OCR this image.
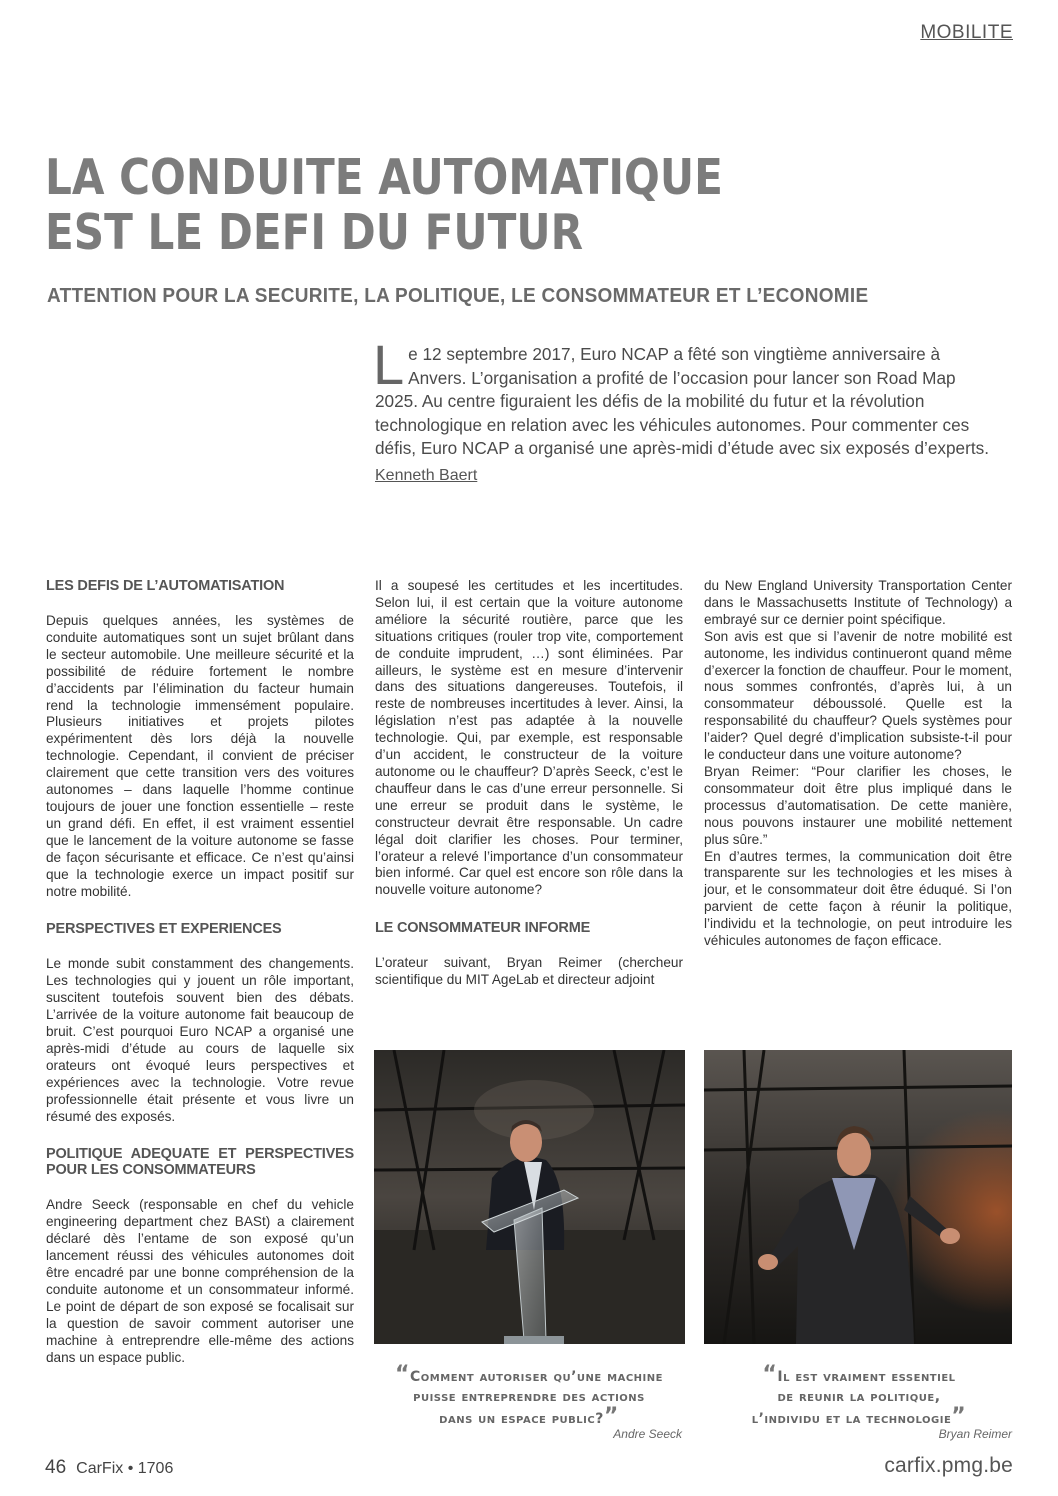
MOBILITE
LA CONDUITE AUTOMATIQUE
EST LE DEFI DU FUTUR
ATTENTION POUR LA SECURITE, LA POLITIQUE, LE CONSOMMATEUR ET L’ECONOMIE
Le 12 septembre 2017, Euro NCAP a fêté son vingtième anniversaire à Anvers. L’organisation a profité de l’occasion pour lancer son Road Map 2025. Au centre figuraient les défis de la mobilité du futur et la révolution technologique en relation avec les véhicules autonomes. Pour commenter ces défis, Euro NCAP a organisé une après-midi d’étude avec six exposés d’experts.
Kenneth Baert
LES DEFIS DE L’AUTOMATISATION

Depuis quelques années, les systèmes de conduite automatiques sont un sujet brûlant dans le secteur automobile. Une meilleure sécurité et la possibilité de réduire fortement le nombre d’accidents par l’élimination du facteur humain rend la technologie immensément populaire. Plusieurs initiatives et projets pilotes expérimentent dès lors déjà la nouvelle technologie. Cependant, il convient de préciser clairement que cette transition vers des voitures autonomes – dans laquelle l’homme continue toujours de jouer une fonction essentielle – reste un grand défi. En effet, il est vraiment essentiel que le lancement de la voiture autonome se fasse de façon sécurisante et efficace. Ce n’est qu’ainsi que la technologie exerce un impact positif sur notre mobilité.

PERSPECTIVES ET EXPERIENCES

Le monde subit constamment des changements. Les technologies qui y jouent un rôle important, suscitent toutefois souvent bien des débats. L’arrivée de la voiture autonome fait beaucoup de bruit. C’est pourquoi Euro NCAP a organisé une après-midi d’étude au cours de laquelle six orateurs ont évoqué leurs perspectives et expériences avec la technologie. Votre revue professionnelle était présente et vous livre un résumé des exposés.

POLITIQUE ADEQUATE ET PERSPECTIVES POUR LES CONSOMMATEURS

Andre Seeck (responsable en chef du vehicle engineering department chez BASt) a clairement déclaré dès l’entame de son exposé qu’un lancement réussi des véhicules autonomes doit être encadré par une bonne compréhension de la conduite autonome et un consommateur informé. Le point de départ de son exposé se focalisait sur la question de savoir comment autoriser une machine à entreprendre elle-même des actions dans un espace public.

Il a soupesé les certitudes et les incertitudes. Selon lui, il est certain que la voiture autonome améliore la sécurité routière, parce que les situations critiques (rouler trop vite, comportement de conduite imprudent, …) sont éliminées. Par ailleurs, le système est en mesure d’intervenir dans des situations dangereuses. Toutefois, il reste de nombreuses incertitudes à lever. Ainsi, la législation n’est pas adaptée à la nouvelle technologie. Qui, par exemple, est responsable d’un accident, le constructeur de la voiture autonome ou le chauffeur? D’après Seeck, c’est le chauffeur dans le cas d’une erreur personnelle. Si une erreur se produit dans le système, le constructeur devrait être responsable. Un cadre légal doit clarifier les choses. Pour terminer, l’orateur a relevé l’importance d’un consommateur bien informé. Car quel est encore son rôle dans la nouvelle voiture autonome?

LE CONSOMMATEUR INFORME

L’orateur suivant, Bryan Reimer (chercheur scientifique du MIT AgeLab et directeur adjoint

du New England University Transportation Center dans le Massachusetts Institute of Technology) a embrayé sur ce dernier point spécifique.

Son avis est que si l’avenir de notre mobilité est autonome, les individus continueront quand même d’exercer la fonction de chauffeur. Pour le moment, nous sommes confrontés, d’après lui, à un consommateur déboussolé. Quelle est la responsabilité du chauffeur? Quels systèmes pour l’aider? Quel degré d’implication subsiste-t-il pour le conducteur dans une voiture autonome?

Bryan Reimer: “Pour clarifier les choses, le consommateur doit être plus impliqué dans le processus d’automatisation. De cette manière, nous pouvons instaurer une mobilité nettement plus sûre.”

En d’autres termes, la communication doit être transparente sur les technologies et les mises à jour, et le consommateur doit être éduqué. Si l’on parvient de cette façon à réunir la politique, l’individu et la technologie, on peut introduire les véhicules autonomes de façon efficace.

“Comment autoriser qu’une machine
puisse entreprendre des actions
dans un espace public?”
Andre Seeck
“Il est vraiment essentiel
de reunir la politique,
l’individu et la technologie”
Bryan Reimer
46 CarFix • 1706	carfix.pmg.be
